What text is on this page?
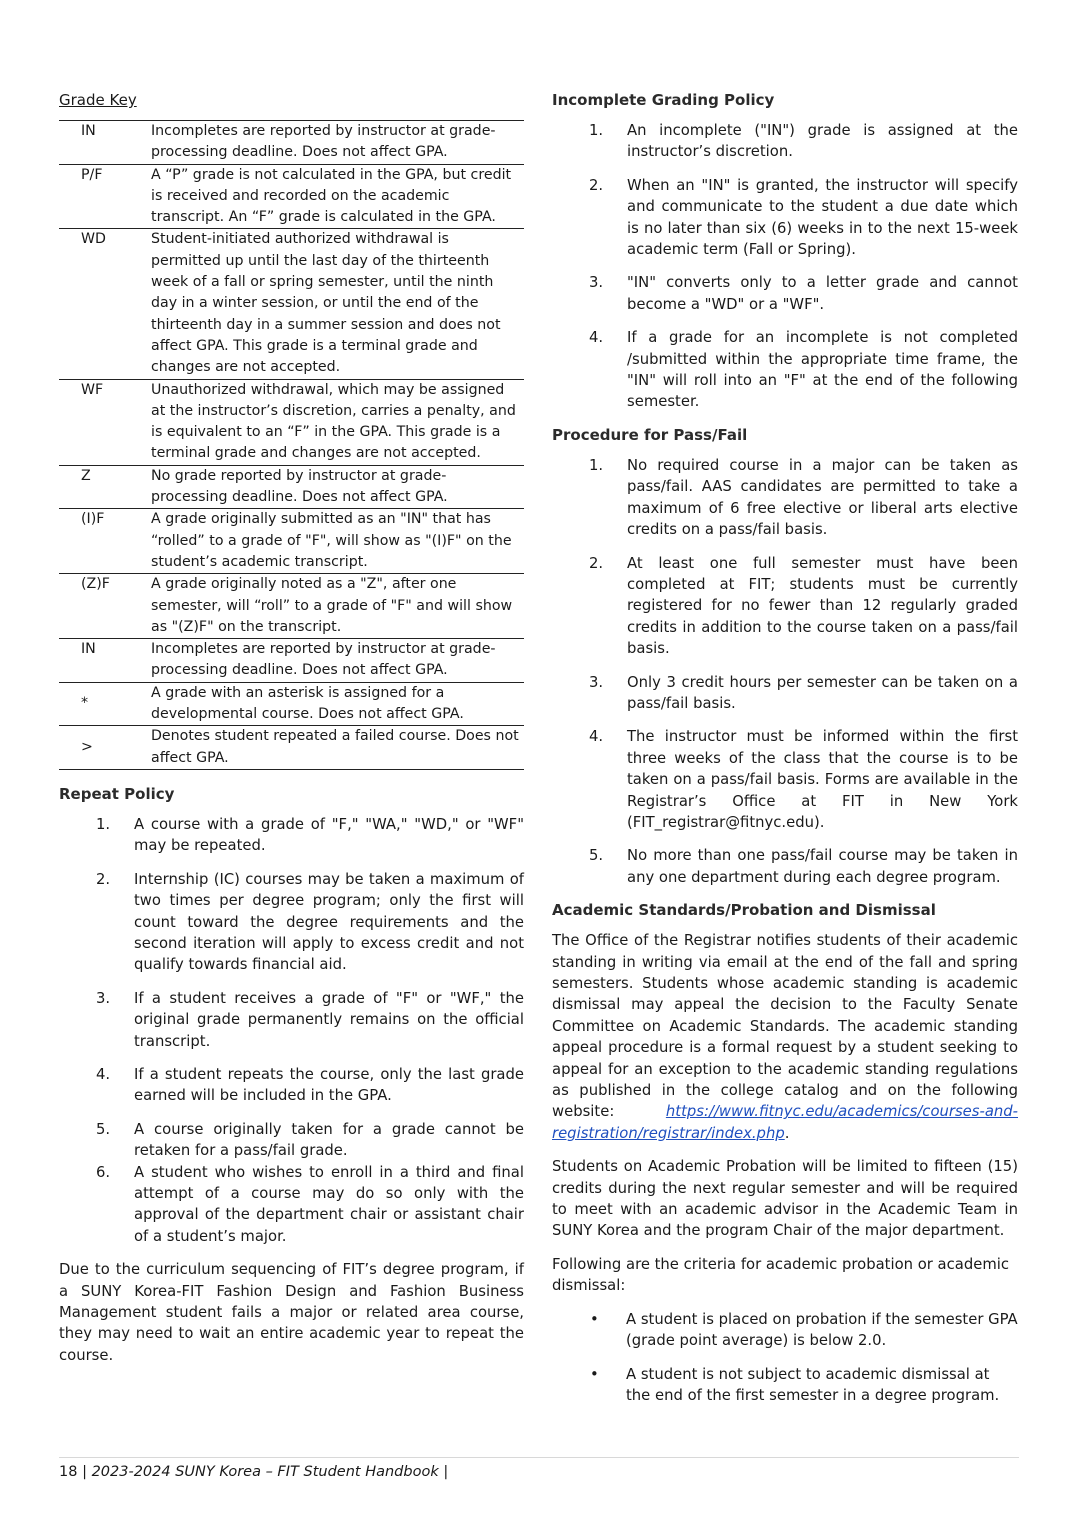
Grade Key
IN	Incompletes are reported by instructor at grade-processing deadline. Does not affect GPA.
P/F	A “P” grade is not calculated in the GPA, but credit is received and recorded on the academic transcript. An “F” grade is calculated in the GPA.
WD	Student-initiated authorized withdrawal is permitted up until the last day of the thirteenth week of a fall or spring semester, until the ninth day in a winter session, or until the end of the thirteenth day in a summer session and does not affect GPA. This grade is a terminal grade and changes are not accepted.
WF	Unauthorized withdrawal, which may be assigned at the instructor’s discretion, carries a penalty, and is equivalent to an “F” in the GPA. This grade is a terminal grade and changes are not accepted.
Z	No grade reported by instructor at grade-processing deadline. Does not affect GPA.
(I)F	A grade originally submitted as an "IN" that has “rolled” to a grade of "F", will show as "(I)F" on the student’s academic transcript.
(Z)F	A grade originally noted as a "Z", after one semester, will “roll” to a grade of "F" and will show as "(Z)F" on the transcript.
IN	Incompletes are reported by instructor at grade-processing deadline. Does not affect GPA.
*	A grade with an asterisk is assigned for a developmental course. Does not affect GPA.
>	Denotes student repeated a failed course. Does not affect GPA.
Repeat Policy
1. A course with a grade of "F," "WA," "WD," or "WF" may be repeated.
2. Internship (IC) courses may be taken a maximum of two times per degree program; only the first will count toward the degree requirements and the second iteration will apply to excess credit and not qualify towards financial aid.
3. If a student receives a grade of "F" or "WF," the original grade permanently remains on the official transcript.
4. If a student repeats the course, only the last grade earned will be included in the GPA.
5. A course originally taken for a grade cannot be retaken for a pass/fail grade.
6. A student who wishes to enroll in a third and final attempt of a course may do so only with the approval of the department chair or assistant chair of a student’s major.

Due to the curriculum sequencing of FIT’s degree program, if a SUNY Korea-FIT Fashion Design and Fashion Business Management student fails a major or related area course, they may need to wait an entire academic year to repeat the course.

Incomplete Grading Policy
1. An incomplete ("IN") grade is assigned at the instructor’s discretion.
2. When an "IN" is granted, the instructor will specify and communicate to the student a due date which is no later than six (6) weeks in to the next 15-week academic term (Fall or Spring).
3. "IN" converts only to a letter grade and cannot become a "WD" or a "WF".
4. If a grade for an incomplete is not completed /submitted within the appropriate time frame, the "IN" will roll into an "F" at the end of the following semester.
Procedure for Pass/Fail
1. No required course in a major can be taken as pass/fail. AAS candidates are permitted to take a maximum of 6 free elective or liberal arts elective credits on a pass/fail basis.
2. At least one full semester must have been completed at FIT; students must be currently registered for no fewer than 12 regularly graded credits in addition to the course taken on a pass/fail basis.
3. Only 3 credit hours per semester can be taken on a pass/fail basis.
4. The instructor must be informed within the first three weeks of the class that the course is to be taken on a pass/fail basis. Forms are available in the Registrar’s Office at FIT in New York (FIT_registrar@fitnyc.edu).
5. No more than one pass/fail course may be taken in any one department during each degree program.
Academic Standards/Probation and Dismissal

The Office of the Registrar notifies students of their academic standing in writing via email at the end of the fall and spring semesters. Students whose academic standing is academic dismissal may appeal the decision to the Faculty Senate Committee on Academic Standards. The academic standing appeal procedure is a formal request by a student seeking to appeal for an exception to the academic standing regulations as published in the college catalog and on the following website:	https://www.fitnyc.edu/academics/courses-and-registration/registrar/index.php.

Students on Academic Probation will be limited to fifteen (15) credits during the next regular semester and will be required to meet with an academic advisor in the Academic Team in SUNY Korea and the program Chair of the major department.

Following are the criteria for academic probation or academic dismissal:

• A student is placed on probation if the semester GPA (grade point average) is below 2.0.
• A student is not subject to academic dismissal at the end of the first semester in a degree program.
18 | 2023-2024 SUNY Korea – FIT Student Handbook |
